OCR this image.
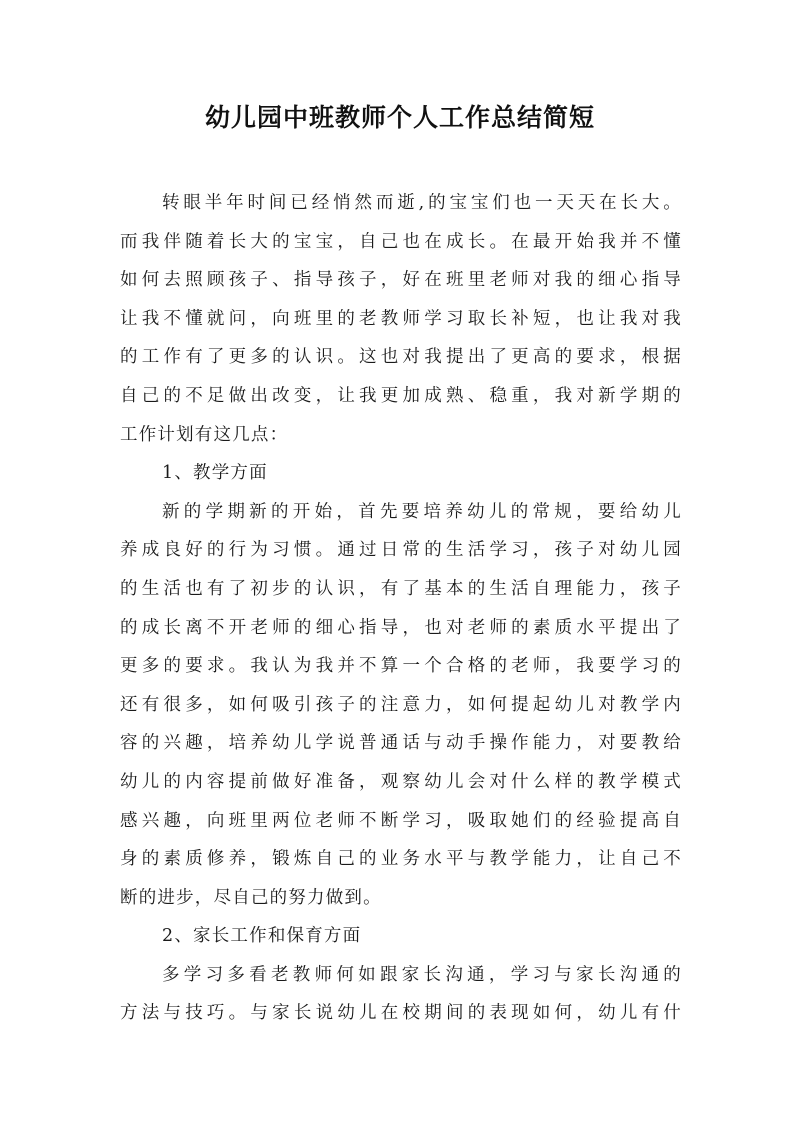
幼儿园中班教师个人工作总结简短
转眼半年时间已经悄然而逝,的宝宝们也一天天在长大。
而我伴随着长大的宝宝，自己也在成长。在最开始我并不懂
如何去照顾孩子、指导孩子，好在班里老师对我的细心指导
让我不懂就问，向班里的老教师学习取长补短，也让我对我
的工作有了更多的认识。这也对我提出了更高的要求，根据
自己的不足做出改变，让我更加成熟、稳重，我对新学期的
工作计划有这几点：
1、教学方面
新的学期新的开始，首先要培养幼儿的常规，要给幼儿
养成良好的行为习惯。通过日常的生活学习，孩子对幼儿园
的生活也有了初步的认识，有了基本的生活自理能力，孩子
的成长离不开老师的细心指导，也对老师的素质水平提出了
更多的要求。我认为我并不算一个合格的老师，我要学习的
还有很多，如何吸引孩子的注意力，如何提起幼儿对教学内
容的兴趣，培养幼儿学说普通话与动手操作能力，对要教给
幼儿的内容提前做好准备，观察幼儿会对什么样的教学模式
感兴趣，向班里两位老师不断学习，吸取她们的经验提高自
身的素质修养，锻炼自己的业务水平与教学能力，让自己不
断的进步，尽自己的努力做到。
2、家长工作和保育方面
多学习多看老教师何如跟家长沟通，学习与家长沟通的
方法与技巧。与家长说幼儿在校期间的表现如何，幼儿有什
